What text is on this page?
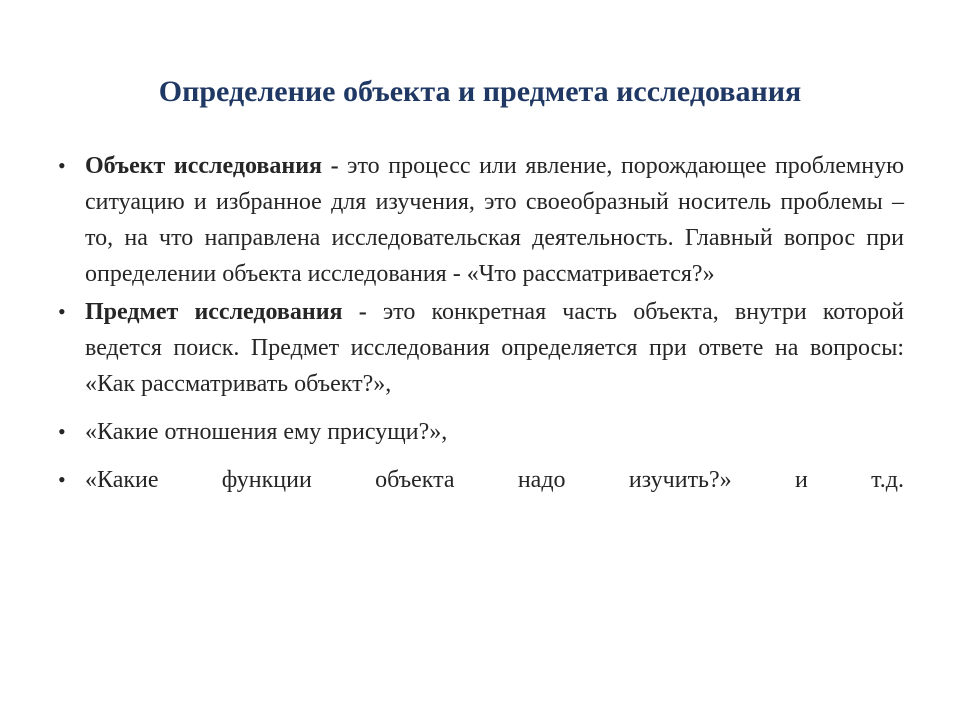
Определение объекта и предмета исследования
• Объект исследования - это процесс или явление, порождающее проблемную ситуацию и избранное для изучения, это своеобразный носитель проблемы – то, на что направлена исследовательская деятельность. Главный вопрос при определении объекта исследования - «Что рассматривается?»
• Предмет исследования - это конкретная часть объекта, внутри которой ведется поиск. Предмет исследования определяется при ответе на вопросы: «Как рассматривать объект?»,
• «Какие отношения ему присущи?»,
• «Какие функции объекта надо изучить?» и т.д.
